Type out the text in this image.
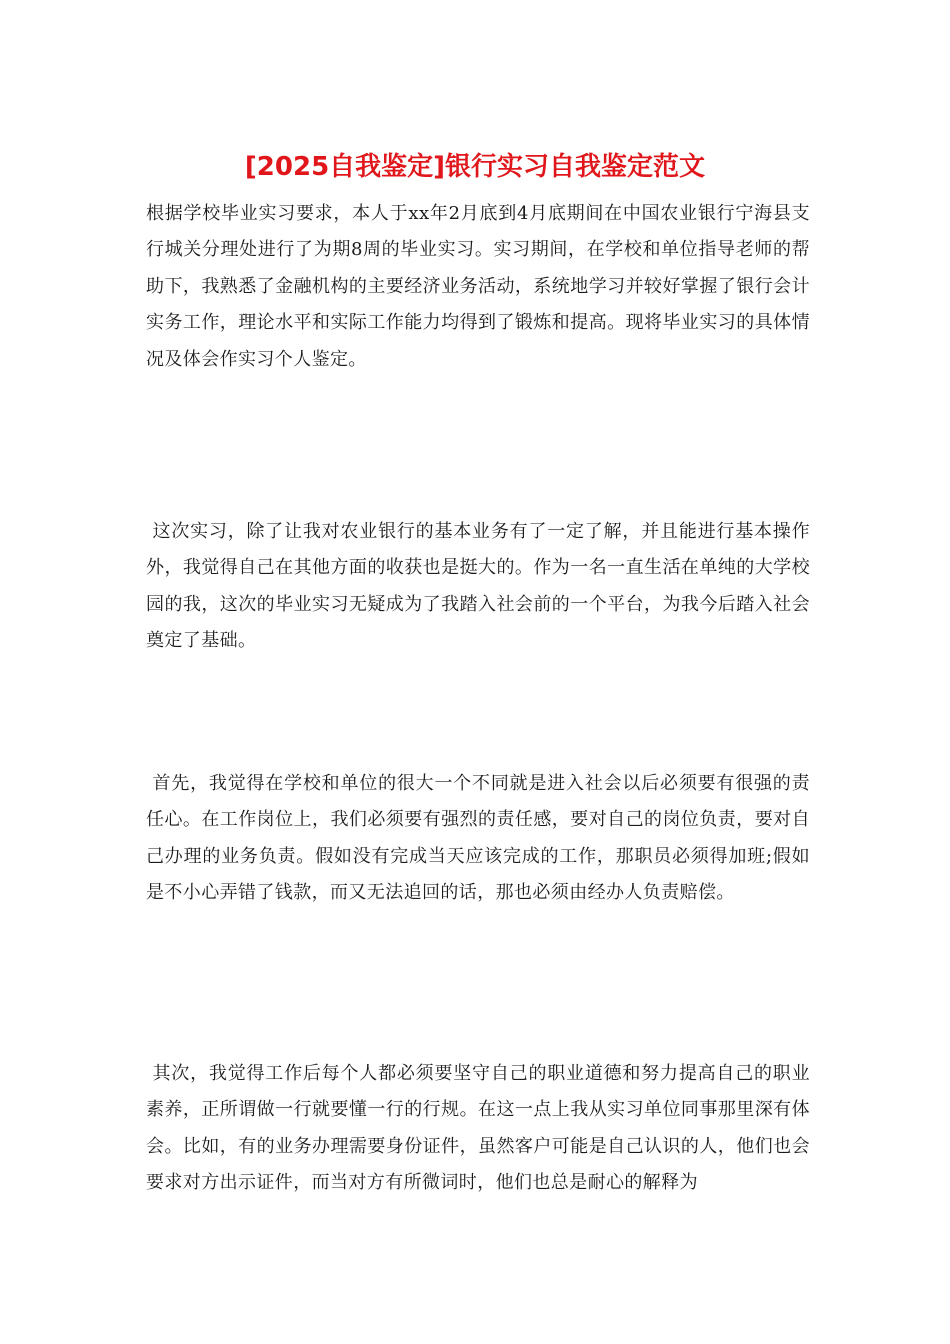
[2025自我鉴定]银行实习自我鉴定范文

根据学校毕业实习要求，本人于xx年2月底到4月底期间在中国农业银行宁海县支行城关分理处进行了为期8周的毕业实习。实习期间，在学校和单位指导老师的帮助下，我熟悉了金融机构的主要经济业务活动，系统地学习并较好掌握了银行会计实务工作，理论水平和实际工作能力均得到了锻炼和提高。现将毕业实习的具体情况及体会作实习个人鉴定。

这次实习，除了让我对农业银行的基本业务有了一定了解，并且能进行基本操作外，我觉得自己在其他方面的收获也是挺大的。作为一名一直生活在单纯的大学校园的我，这次的毕业实习无疑成为了我踏入社会前的一个平台，为我今后踏入社会奠定了基础。

首先，我觉得在学校和单位的很大一个不同就是进入社会以后必须要有很强的责任心。在工作岗位上，我们必须要有强烈的责任感，要对自己的岗位负责，要对自己办理的业务负责。假如没有完成当天应该完成的工作，那职员必须得加班;假如是不小心弄错了钱款，而又无法追回的话，那也必须由经办人负责赔偿。

其次，我觉得工作后每个人都必须要坚守自己的职业道德和努力提高自己的职业素养，正所谓做一行就要懂一行的行规。在这一点上我从实习单位同事那里深有体会。比如，有的业务办理需要身份证件，虽然客户可能是自己认识的人，他们也会要求对方出示证件，而当对方有所微词时，他们也总是耐心的解释为
